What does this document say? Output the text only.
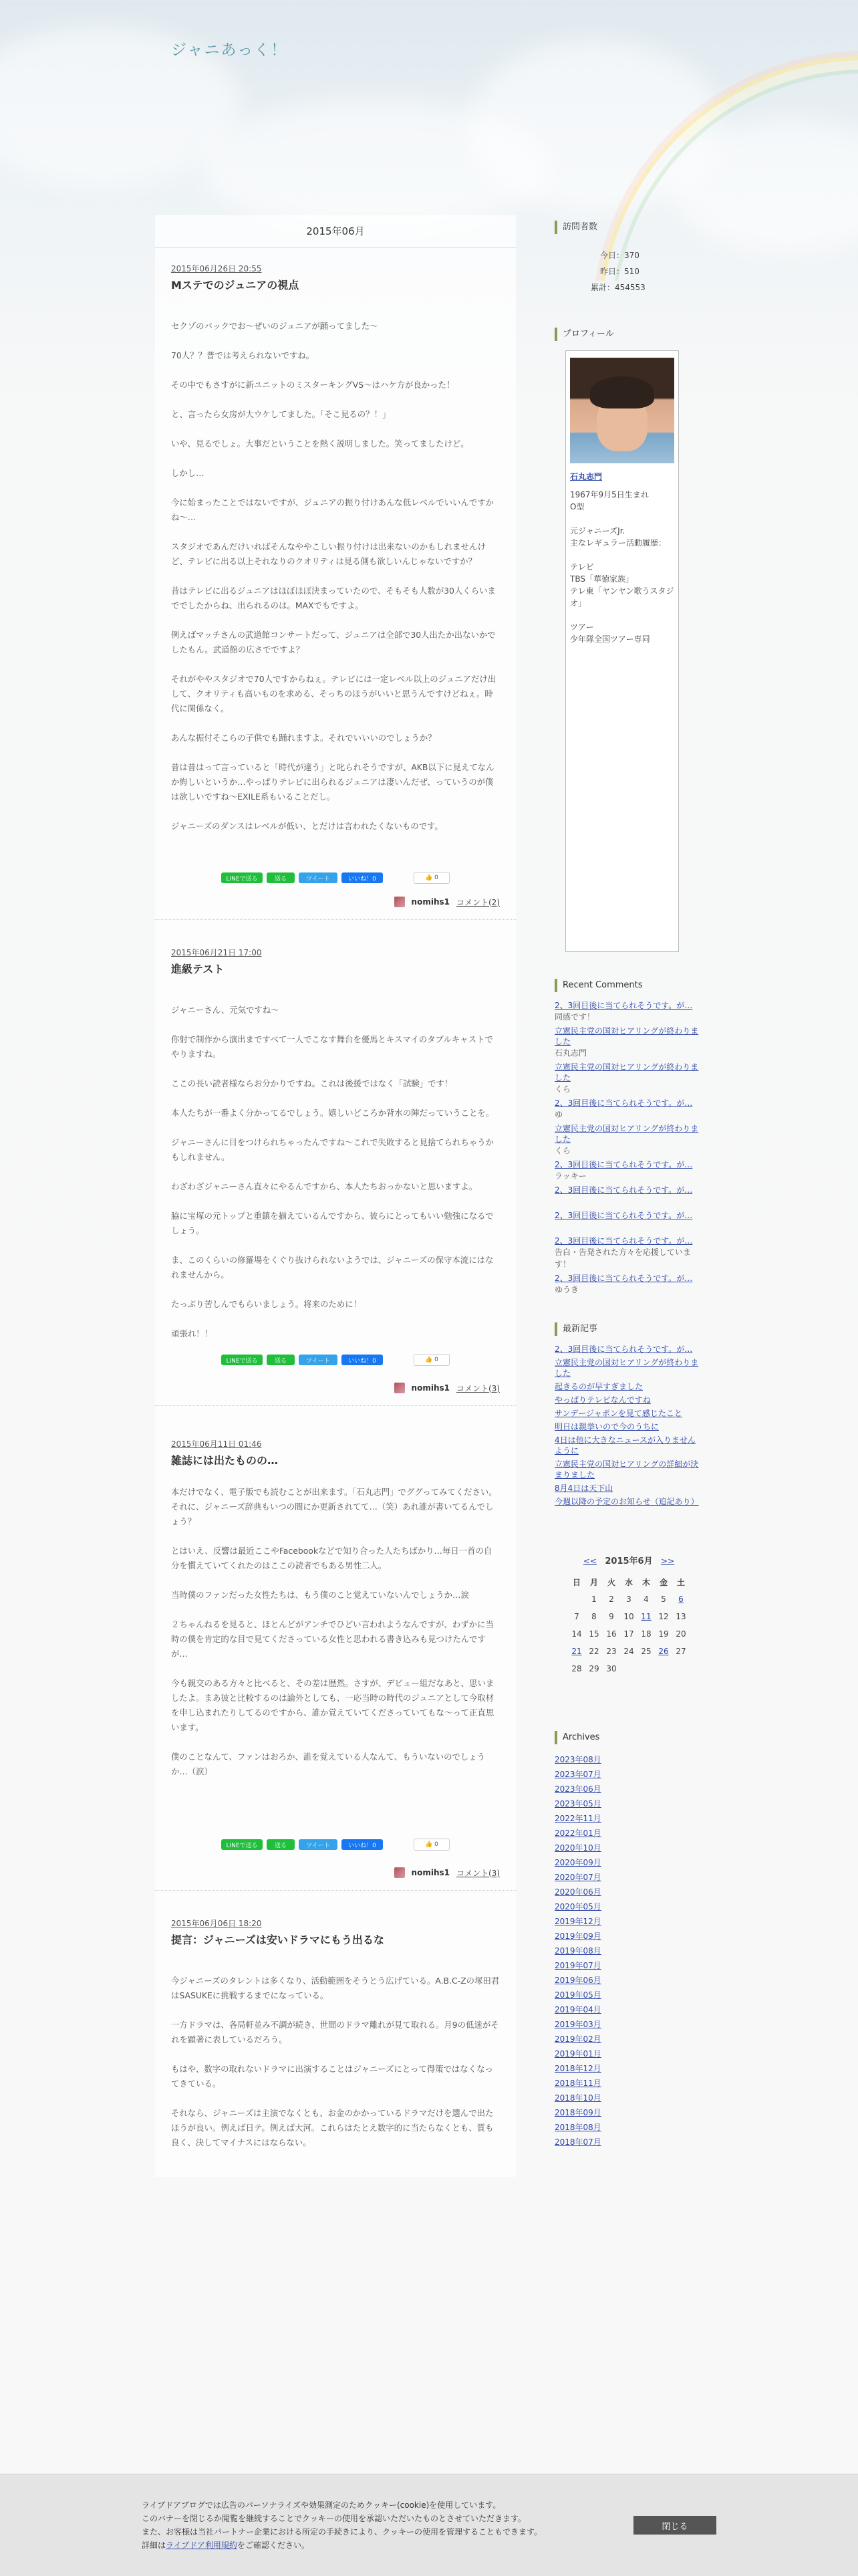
ジャニあっく！
2015年06月
2015年06月26日 20:55
Mステでのジュニアの視点

セクゾのバックでお〜ぜいのジュニアが踊ってました〜

70人？？普では考えられないですね。

その中でもさすがに新ユニットのミスターキングVS〜はハケ方が良かった！

と、言ったら女房が大ウケしてました。「そこ見るの？！」

いや、見るでしょ。大事だということを熱く説明しました。笑ってましたけど。

しかし…

今に始まったことではないですが、ジュニアの振り付けあんな低レベルでいいんですかね〜…

スタジオであんだけいればそんなややこしい振り付けは出来ないのかもしれませんけど、テレビに出る以上それなりのクオリティは見る側も欲しいんじゃないですか？

昔はテレビに出るジュニアはほぼほぼ決まっていたので、そもそも人数が30人くらいまででしたからね、出られるのは。MAXでもですよ。

例えばマッチさんの武道館コンサートだって、ジュニアは全部で30人出たか出ないかでしたもん。武道館の広さでですよ？

それがややスタジオで70人ですからねぇ。テレビには一定レベル以上のジュニアだけ出して、クオリティも高いものを求める、そっちのほうがいいと思うんですけどねぇ。時代に関係なく。

あんな振付そこらの子供でも踊れますよ。それでいいいのでしょうか？

昔は昔はって言っていると「時代が違う」と叱られそうですが、AKB以下に見えてなんか悔しいというか…やっぱりテレビに出られるジュニアは凄いんだぜ、っていうのが僕は欲しいですね〜EXILE系もいることだし。

ジャニーズのダンスはレベルが低い、とだけは言われたくないものです。

LINEで送る	送る	ツイート	いいね！0	👍 0
nomihs1 コメント(2)
2015年06月21日 17:00
進級テスト

ジャニーさん、元気ですね〜

你射で制作から演出まですべて一人でこなす舞台を優馬とキスマイのタブルキャストでやりますね。

ここの長い読者様ならお分かりですね。これは後援ではなく「試験」です！

本人たちが一番よく分かってるでしょう。嬉しいどころか背水の陣だっていうことを。

ジャニーさんに目をつけられちゃったんですね〜これで失敗すると見捨てられちゃうかもしれません。

わざわざジャニーさん直々にやるんですから、本人たちおっかないと思いますよ。

脇に宝塚の元トップと重鎮を揃えているんですから、彼らにとってもいい勉強になるでしょう。

ま、このくらいの修羅場をくぐり抜けられないようでは、ジャニーズの保守本流にはなれませんから。

たっぷり苦しんでもらいましょう。将来のために！

頑張れ！！

LINEで送る	送る	ツイート	いいね！0	👍 0
nomihs1 コメント(3)
2015年06月11日 01:46
雑誌には出たものの…

本だけでなく、電子版でも読むことが出来ます。「石丸志門」でググってみてください。それに、ジャニーズ辞典もいつの間にか更新されてて…（笑）あれ誰が書いてるんでしょう？

とはいえ、反響は最近ここやFacebookなどで知り合った人たちばかり…毎日一首の自分を慣えていてくれたのはここの読者でもある男性二人。

当時僕のファンだった女性たちは、もう僕のこと覚えていないんでしょうか…涙

２ちゃんねるを見ると、ほとんどがアンチでひどい言われようなんですが、わずかに当時の僕を肯定的な目で見てくださっている女性と思われる書き込みも見つけたんですが…

今も親交のある方々と比べると、その差は歴然。さすが、デビュー組だなあと、思いましたよ。まあ彼と比較するのは論外としても、一応当時の時代のジュニアとして今取材を申し込まれたりしてるのですから、誰か覚えていてくださっていてもな〜って正直思います。

僕のことなんて、ファンはおろか、誰を覚えている人なんて、もういないのでしょうか…（涙）

LINEで送る	送る	ツイート	いいね！0	👍 0
nomihs1 コメント(3)
2015年06月06日 18:20
提言：ジャニーズは安いドラマにもう出るな

今ジャニーズのタレントは多くなり、活動範囲をそうとう広げている。A.B.C-Zの塚田君はSASUKEに挑戦するまでになっている。

一方ドラマは、各局軒並み不調が続き、世間のドラマ離れが見て取れる。月9の低迷がそれを顕著に表しているだろう。

もはや、数字の取れないドラマに出演することはジャニーズにとって得策ではなくなってきている。

それなら、ジャニーズは主演でなくとも、お金のかかっているドラマだけを選んで出たほうが良い。例えば日テ。例えば大河。これらはたとえ数字的に当たらなくとも、質も良く、決してマイナスにはならない。

訪問者数
今日：370
昨日：510
累計：454553
プロフィール
石丸志門
1967年9月5日生まれ
O型
元ジャニーズJr.
主なレギュラー活動履歴：
テレビ
TBS「華徳家族」
テレ東「ヤンヤン歌うスタジオ」
ツアー
少年隊全国ツアー専同
Recent Comments
2、3回目後に当てられそうです。が…
同感です！
立憲民主党の国対ヒアリングが終わりました
石丸志門
立憲民主党の国対ヒアリングが終わりました
くら
2、3回目後に当てられそうです。が…
ゆ
立憲民主党の国対ヒアリングが終わりました
くら
2、3回目後に当てられそうです。が…
ラッキー
2、3回目後に当てられそうです。が…
2、3回目後に当てられそうです。が…
2、3回目後に当てられそうです。が…
告白・告発された方々を応援しています！
2、3回目後に当てられそうです。が…
ゆうき
最新記事
2、3回目後に当てられそうです。が…
立憲民主党の国対ヒアリングが終わりました
起きるのが早すぎました
やっぱりテレビなんですね
サンデージャポンを見て感じたこと
明日は親挙いので今のうちに
4日は他に大きなニュースが入りませんように
立憲民主党の国対ヒアリングの詳細が決まりました
8月4日は天下山
今週以降の予定のお知らせ（追記あり）
<< 2015年6月 >>
日	月	火	水	木	金	土
	1	2	3	4	5	6
7	8	9	10	11	12	13
14	15	16	17	18	19	20
21	22	23	24	25	26	27
28	29	30				
Archives
2023年08月
2023年07月
2023年06月
2023年05月
2022年11月
2022年01月
2020年10月
2020年09月
2020年07月
2020年06月
2020年05月
2019年12月
2019年09月
2019年08月
2019年07月
2019年06月
2019年05月
2019年04月
2019年03月
2019年02月
2019年01月
2018年12月
2018年11月
2018年10月
2018年09月
2018年08月
2018年07月
ライブドアブログでは広告のパーソナライズや効果測定のためクッキー(cookie)を使用しています。
このバナーを閉じるか閲覧を継続することでクッキーの使用を承認いただいたものとさせていただきます。
また、お客様は当社パートナー企業における所定の手続きにより、クッキーの使用を管理することもできます。
詳細はライブドア利用規約をご確認ください。
閉じる
